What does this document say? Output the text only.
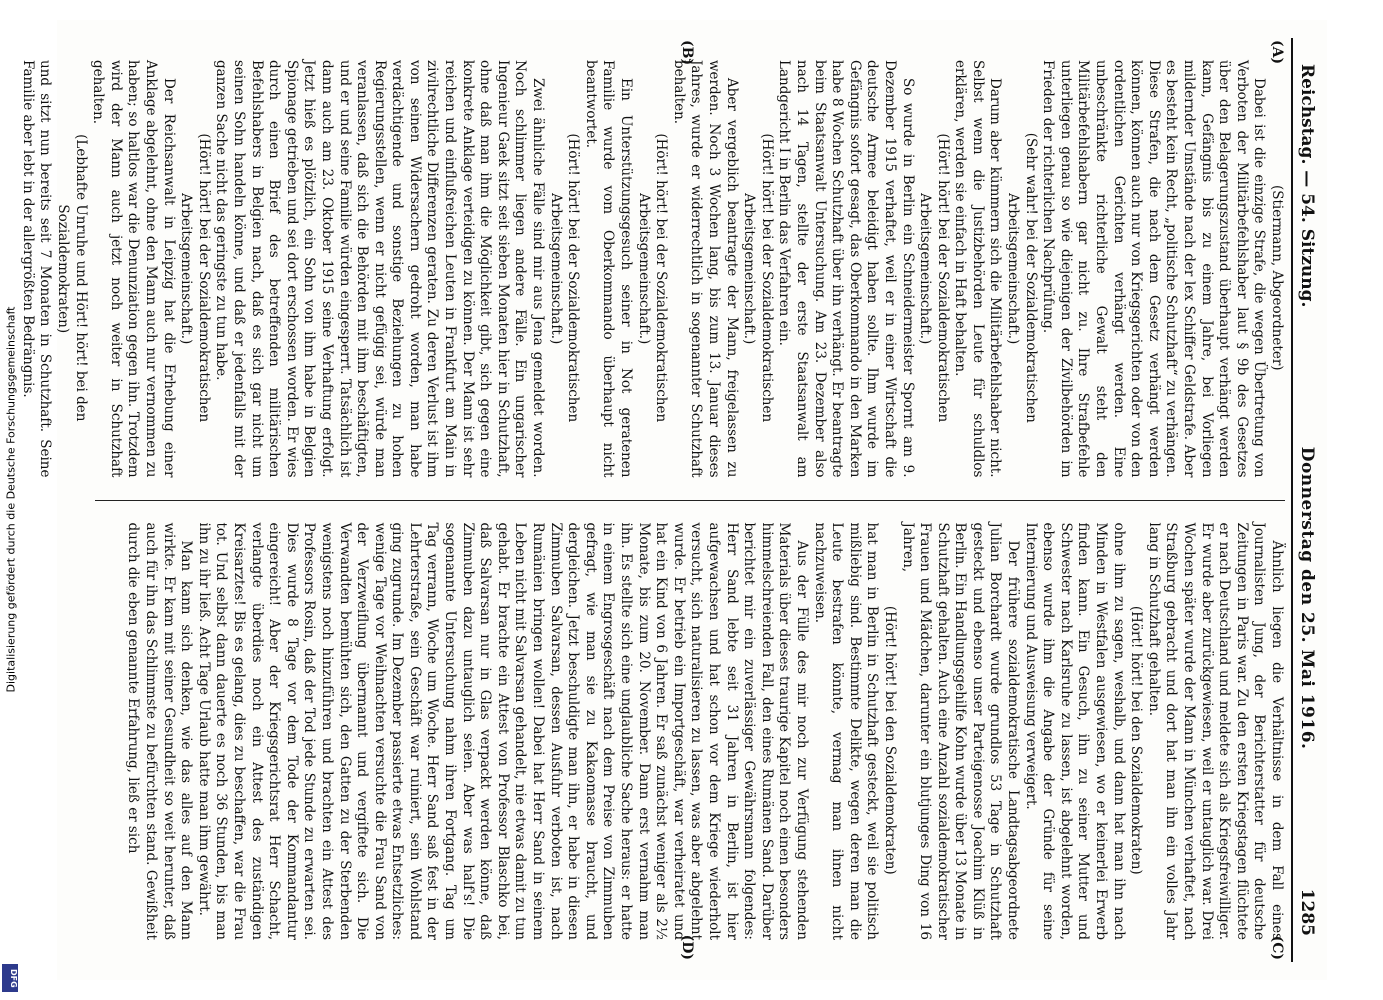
Reichstag. — 54. Sitzung.
Donnerstag den 25. Mai 1916.
1285
(A)
(B)

(Stiermann, Abgeordneter)

Dabei ist die einzige Strafe, die wegen Übertretung von Verboten der Militärbefehlshaber laut § 9b des Gesetzes über den Belagerungszustand überhaupt verhängt werden kann, Gefängnis bis zu einem Jahre, bei Vorliegen mildernder Umstände nach der lex Schiffer Geldstrafe. Aber es besteht kein Recht, „politische Schutzhaft“ zu verhängen. Diese Strafen, die nach dem Gesetz verhängt werden können, können auch nur von Kriegsgerichten oder von den ordentlichen Gerichten verhängt werden. Eine unbeschränkte richterliche Gewalt steht den Militärbefehlshabern gar nicht zu. Ihre Strafbefehle unterliegen genau so wie diejenigen der Zivilbehörden im Frieden der richterlichen Nachprüfung.

(Sehr wahr! bei der Sozialdemokratischen Arbeitsgemeinschaft.)

Darum aber kümmern sich die Militärbefehlshaber nicht. Selbst wenn die Justizbehörden Leute für schuldlos erklären, werden sie einfach in Haft behalten.

(Hört! hört! bei der Sozialdemokratischen Arbeitsgemeinschaft.)

So wurde in Berlin ein Schneidermeister Spornt am 9. Dezember 1915 verhaftet, weil er in einer Wirtschaft die deutsche Armee beleidigt haben sollte. Ihm wurde im Gefängnis sofort gesagt, das Oberkommando in den Marken habe 8 Wochen Schutzhaft über ihn verhängt. Er beantragte beim Staatsanwalt Untersuchung. Am 23. Dezember also nach 14 Tagen, stellte der erste Staatsanwalt am Landgericht I in Berlin das Verfahren ein.

(Hört! hört! bei der Sozialdemokratischen Arbeitsgemeinschaft.)

Aber vergeblich beantragte der Mann, freigelassen zu werden. Noch 3 Wochen lang, bis zum 13. Januar dieses Jahres, wurde er widerrechtlich in sogenannter Schutzhaft behalten.

(Hört! hört! bei der Sozialdemokratischen Arbeitsgemeinschaft.)

Ein Unterstützungsgesuch seiner in Not geratenen Familie wurde vom Oberkommando überhaupt nicht beantwortet.

(Hört! hört! bei der Sozialdemokratischen Arbeitsgemeinschaft.)

Zwei ähnliche Fälle sind mir aus Jena gemeldet worden. Noch schlimmer liegen andere Fälle. Ein ungarischer Ingenieur Gaek sitzt seit sieben Monaten hier in Schutzhaft, ohne daß man ihm die Möglichkeit gibt, sich gegen eine konkrete Anklage verteidigen zu können. Der Mann ist sehr reichen und einflußreichen Leuten in Frankfurt am Main in zivilrechtliche Differenzen geraten. Zu deren Verlust ist ihm von seinen Widersachern gedroht worden, man habe verdächtigende und sonstige Beziehungen zu hohen Regierungsstellen, wenn er nicht gefügig sei, würde man veranlassen, daß sich die Behörden mit ihm beschäftigten, und er und seine Familie würden eingesperrt. Tatsächlich ist dann auch am 23. Oktober 1915 seine Verhaftung erfolgt. Jetzt hieß es plötzlich, ein Sohn von ihm habe in Belgien Spionage getrieben und sei dort erschossen worden. Er wies durch einen Brief des betreffenden militärischen Befehlshabers in Belgien nach, daß es sich gar nicht um seinen Sohn handeln könne, und daß er jedenfalls mit der ganzen Sache nicht das geringste zu tun habe.

(Hört! hört! bei der Sozialdemokratischen Arbeitsgemeinschaft.)

Der Reichsanwalt in Leipzig hat die Erhebung einer Anklage abgelehnt, ohne den Mann auch nur vernommen zu haben; so haltlos war die Denunziation gegen ihn. Trotzdem wird der Mann auch jetzt noch weiter in Schutzhaft gehalten.

(Lebhafte Unruhe und Hört! hört! bei den Sozialdemokraten)

und sitzt nun bereits seit 7 Monaten in Schutzhaft. Seine Familie aber lebt in der allergrößten Bedrängnis.

(C)
(D)

Ähnlich liegen die Verhältnisse in dem Fall eines Journalisten Jung, der Berichterstatter für deutsche Zeitungen in Paris war. Zu den ersten Kriegstagen flüchtete er nach Deutschland und meldete sich als Kriegsfreiwilliger. Er wurde aber zurückgewiesen, weil er untauglich war. Drei Wochen später wurde der Mann in München verhaftet, nach Straßburg gebracht und dort hat man ihn ein volles Jahr lang in Schutzhaft gehalten.

(Hört! hört! bei den Sozialdemokraten)

ohne ihm zu sagen, weshalb, und dann hat man ihn nach Minden in Westfalen ausgewiesen, wo er keinerlei Erwerb finden kann. Ein Gesuch, ihn zu seiner Mutter und Schwester nach Karlsruhe zu lassen, ist abgelehnt worden, ebenso wurde ihm die Angabe der Gründe für seine Internierung und Ausweisung verweigert.

Der frühere sozialdemokratische Landtagsabgeordnete Julian Borchardt wurde grundlos 53 Tage in Schutzhaft gesteckt und ebenso unser Parteigenosse Joachim Klüß in Berlin. Ein Handlungsgehilfe Kohn wurde über 13 Monate in Schutzhaft gehalten. Auch eine Anzahl sozialdemokratischer Frauen und Mädchen, darunter ein blutjunges Ding von 16 Jahren,

(Hört! hört! bei den Sozialdemokraten)

hat man in Berlin in Schutzhaft gesteckt, weil sie politisch mißliebig sind. Bestimmte Delikte, wegen deren man die Leute bestrafen könnte, vermag man ihnen nicht nachzuweisen.

Aus der Fülle des mir noch zur Verfügung stehenden Materials über dieses traurige Kapitel noch einen besonders himmelschreienden Fall, den eines Rumänen Sand. Darüber berichtet mir ein zuverlässiger Gewährsmann folgendes: Herr Sand lebte seit 31 Jahren in Berlin, ist hier aufgewachsen und hat schon vor dem Kriege wiederholt versucht, sich naturalisieren zu lassen, was aber abgelehnt wurde. Er betrieb ein Importgeschäft, war verheiratet und hat ein Kind von 6 Jahren. Er saß zunächst weniger als 2½ Monate, bis zum 20. November. Dann erst vernahm man ihn. Es stellte sich eine unglaubliche Sache heraus: er hatte in einem Engrosgeschäft nach dem Preise von Zimmuben gefragt, wie man sie zu Kakaomasse braucht, und dergleichen. Jetzt beschuldigte man ihn, er habe in diesen Zimmuben Salvarsan, dessen Ausfuhr verboten ist, nach Rumänien bringen wollen! Dabei hat Herr Sand in seinem Leben nicht mit Salvarsan gehandelt, nie etwas damit zu tun gehabt. Er brachte ein Attest von Professor Blaschko bei, daß Salvarsan nur in Glas verpackt werden könne, daß Zimmuben dazu untauglich seien. Aber was half's! Die sogenannte Untersuchung nahm ihren Fortgang. Tag um Tag verrann, Woche um Woche. Herr Sand saß fest in der Lehrterstraße, sein Geschäft war ruiniert, sein Wohlstand ging zugrunde. Im Dezember passierte etwas Entsetzliches: wenige Tage vor Weihnachten versuchte die Frau Sand von der Verzweiflung übermannt und vergiftete sich. Die Verwandten bemühten sich, den Gatten zu der Sterbenden wenigstens noch hinzuführen und brachten ein Attest des Professors Rosin, daß der Tod jede Stunde zu erwarten sei. Dies wurde 8 Tage vor dem Tode der Kommandantur eingereicht! Aber der Kriegsgerichtsrat Herr Schacht, verlangte überdies noch ein Attest des zuständigen Kreisarztes! Bis es gelang, dies zu beschaffen, war die Frau tot. Und selbst dann dauerte es noch 36 Stunden, bis man ihn zu ihr ließ. Acht Tage Urlaub hatte man ihm gewährt.

Man kann sich denken, wie das alles auf den Mann wirkte. Er kam mit seiner Gesundheit so weit herunter, daß auch für ihn das Schlimmste zu befürchten stand. Gewißheit durch die eben genannte Erfahrung, ließ er sich

Digitalisierung gefördert durch die Deutsche Forschungsgemeinschaft
DFG
